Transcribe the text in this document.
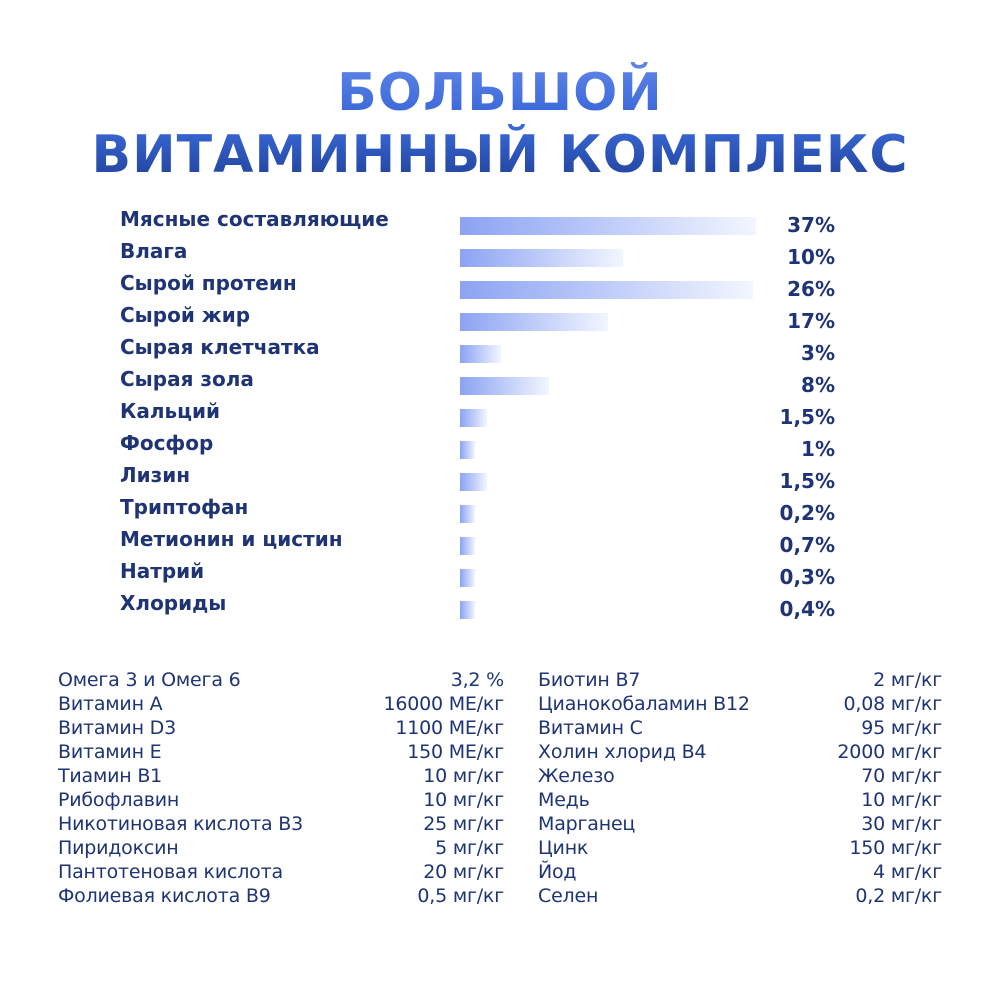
БОЛЬШОЙ
ВИТАМИННЫЙ КОМПЛЕКС
Мясные составляющие	37%
Влага	10%
Сырой протеин	26%
Сырой жир	17%
Сырая клетчатка	3%
Сырая зола	8%
Кальций	1,5%
Фосфор	1%
Лизин	1,5%
Триптофан	0,2%
Метионин и цистин	0,7%
Натрий	0,3%
Хлориды	0,4%
Омега 3 и Омега 6	3,2 %
Витамин А	16000 МЕ/кг
Витамин D3	1100 МЕ/кг
Витамин Е	150 МЕ/кг
Тиамин В1	10 мг/кг
Рибофлавин	10 мг/кг
Никотиновая кислота В3	25 мг/кг
Пиридоксин	5 мг/кг
Пантотеновая кислота	20 мг/кг
Фолиевая кислота В9	0,5 мг/кг
Биотин В7	2 мг/кг
Цианокобаламин В12	0,08 мг/кг
Витамин С	95 мг/кг
Холин хлорид В4	2000 мг/кг
Железо	70 мг/кг
Медь	10 мг/кг
Марганец	30 мг/кг
Цинк	150 мг/кг
Йод	4 мг/кг
Селен	0,2 мг/кг
